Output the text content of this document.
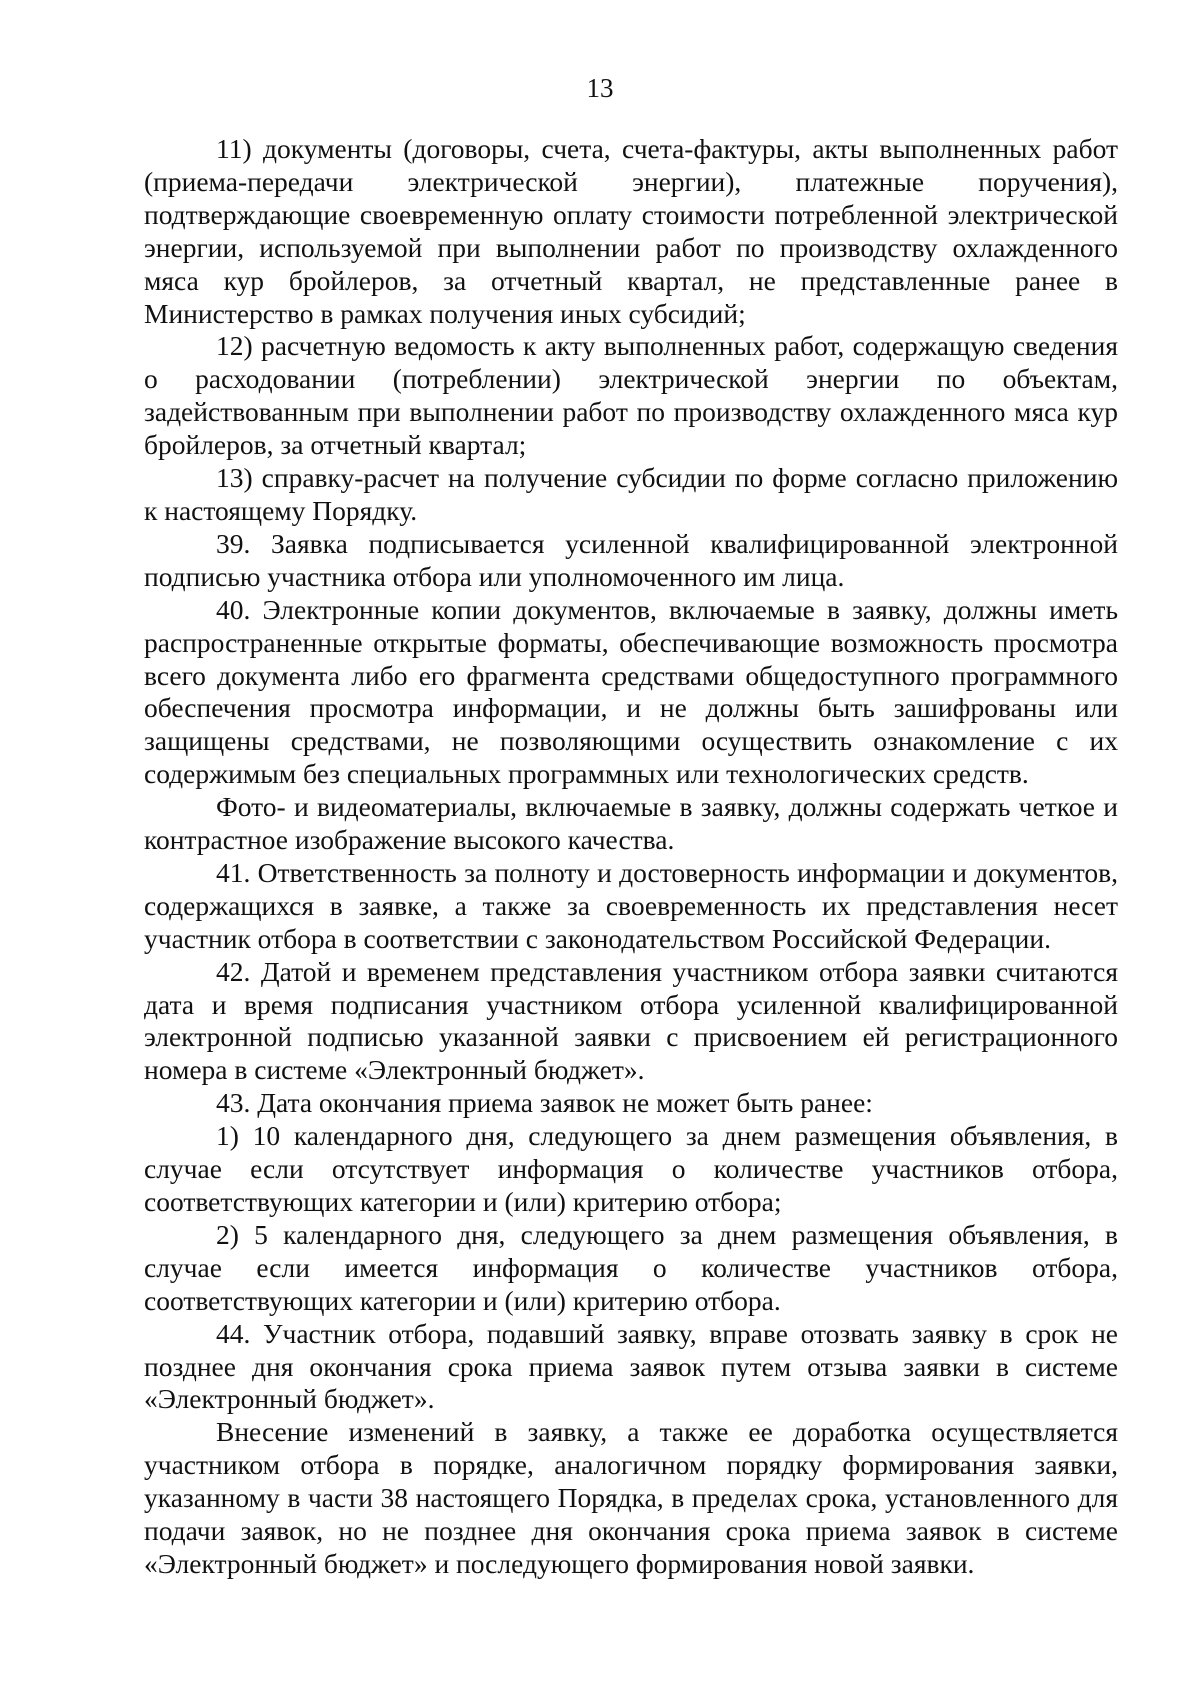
13

11) документы (договоры, счета, счета-фактуры, акты выполненных работ (приема-передачи электрической энергии), платежные поручения), подтверждающие своевременную оплату стоимости потребленной электрической энергии, используемой при выполнении работ по производству охлажденного мяса кур бройлеров, за отчетный квартал, не представленные ранее в Министерство в рамках получения иных субсидий;

12) расчетную ведомость к акту выполненных работ, содержащую сведения о расходовании (потреблении) электрической энергии по объектам, задействованным при выполнении работ по производству охлажденного мяса кур бройлеров, за отчетный квартал;

13) справку-расчет на получение субсидии по форме согласно приложению к настоящему Порядку.

39. Заявка подписывается усиленной квалифицированной электронной подписью участника отбора или уполномоченного им лица.

40. Электронные копии документов, включаемые в заявку, должны иметь распространенные открытые форматы, обеспечивающие возможность просмотра всего документа либо его фрагмента средствами общедоступного программного обеспечения просмотра информации, и не должны быть зашифрованы или защищены средствами, не позволяющими осуществить ознакомление с их содержимым без специальных программных или технологических средств.

Фото- и видеоматериалы, включаемые в заявку, должны содержать четкое и контрастное изображение высокого качества.

41. Ответственность за полноту и достоверность информации и документов, содержащихся в заявке, а также за своевременность их представления несет участник отбора в соответствии с законодательством Российской Федерации.

42. Датой и временем представления участником отбора заявки считаются дата и время подписания участником отбора усиленной квалифицированной электронной подписью указанной заявки с присвоением ей регистрационного номера в системе «Электронный бюджет».

43. Дата окончания приема заявок не может быть ранее:

1) 10 календарного дня, следующего за днем размещения объявления, в случае если отсутствует информация о количестве участников отбора, соответствующих категории и (или) критерию отбора;

2) 5 календарного дня, следующего за днем размещения объявления, в случае если имеется информация о количестве участников отбора, соответствующих категории и (или) критерию отбора.

44. Участник отбора, подавший заявку, вправе отозвать заявку в срок не позднее дня окончания срока приема заявок путем отзыва заявки в системе «Электронный бюджет».

Внесение изменений в заявку, а также ее доработка осуществляется участником отбора в порядке, аналогичном порядку формирования заявки, указанному в части 38 настоящего Порядка, в пределах срока, установленного для подачи заявок, но не позднее дня окончания срока приема заявок в системе «Электронный бюджет» и последующего формирования новой заявки.
